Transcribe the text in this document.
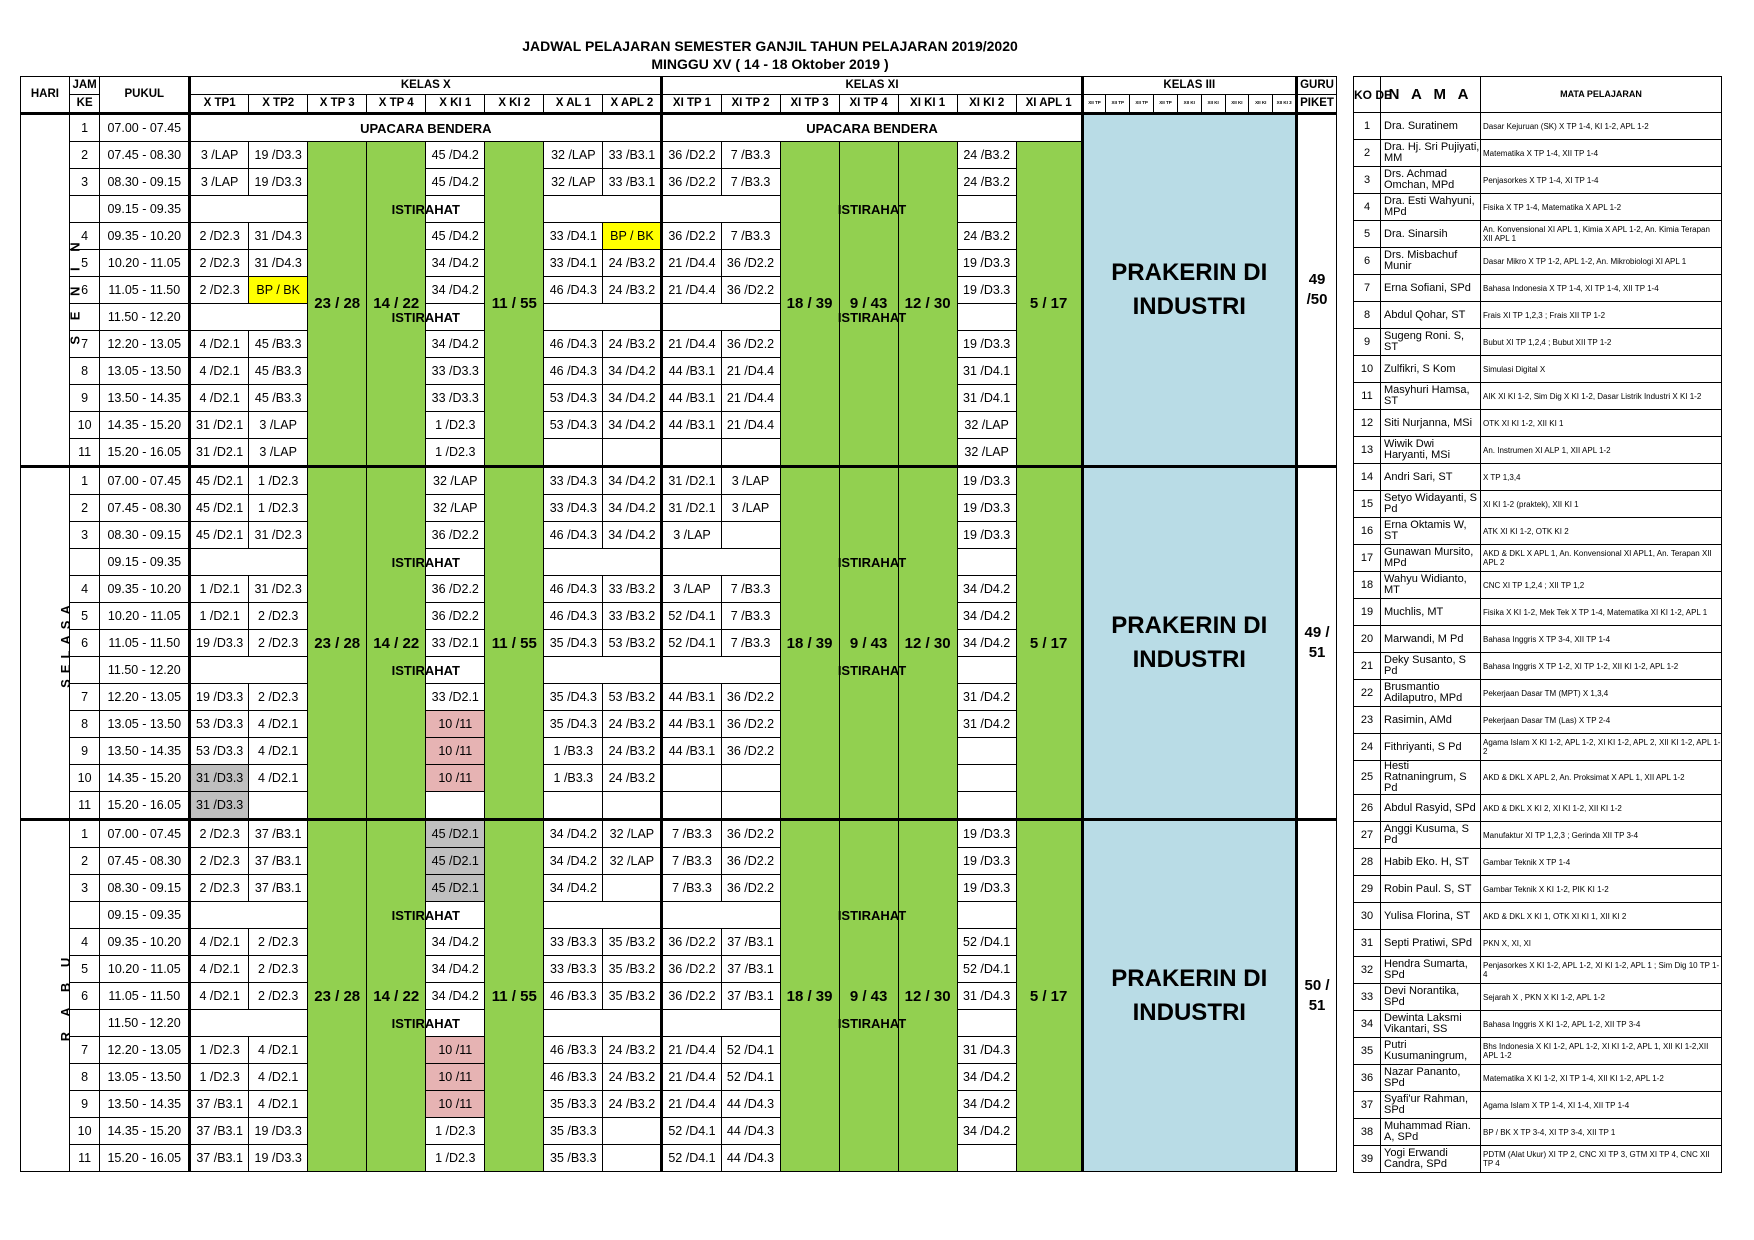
JADWAL PELAJARAN SEMESTER GANJIL TAHUN PELAJARAN 2019/2020
MINGGU XV ( 14 - 18 Oktober 2019 )
HARI	JAM	PUKUL	KELAS X								KELAS XI							KELAS III									GURU
	KE		X TP1	X TP2	X TP 3	X TP 4	X KI 1	X KI 2	X AL 1	X APL 2	XI TP 1	XI TP 2	XI TP 3	XI TP 4	XI KI 1	XI KI 2	XI APL 1	XII TP	XII TP	XII TP	XII TP	XII KI	XII KI	XII KI	XII KI	XII KI 3	PIKET
S E N I N	1	07.00 - 07.45	UPACARA BENDERA								UPACARA BENDERA							PRAKERIN DI INDUSTRI									49 /50
	2	07.45 - 08.30	3 /LAP	19 /D3.3	23 / 28	14 / 22	45 /D4.2	11 / 55	32 /LAP	33 /B3.1	36 /D2.2	7 /B3.3	18 / 39	9 / 43	12 / 30	24 /B3.2	5 / 17										
	3	08.30 - 09.15	3 /LAP	19 /D3.3			45 /D4.2		32 /LAP	33 /B3.1	36 /D2.2	7 /B3.3				24 /B3.2											
		09.15 - 09.35	ISTIRAHAT								ISTIRAHAT																
	4	09.35 - 10.20	2 /D2.3	31 /D4.3			45 /D4.2		33 /D4.1	BP / BK	36 /D2.2	7 /B3.3				24 /B3.2											
	5	10.20 - 11.05	2 /D2.3	31 /D4.3			34 /D4.2		33 /D4.1	24 /B3.2	21 /D4.4	36 /D2.2				19 /D3.3											
	6	11.05 - 11.50	2 /D2.3	BP / BK			34 /D4.2		46 /D4.3	24 /B3.2	21 /D4.4	36 /D2.2				19 /D3.3											
		11.50 - 12.20	ISTIRAHAT								ISTIRAHAT																
	7	12.20 - 13.05	4 /D2.1	45 /B3.3			34 /D4.2		46 /D4.3	24 /B3.2	21 /D4.4	36 /D2.2				19 /D3.3											
	8	13.05 - 13.50	4 /D2.1	45 /B3.3			33 /D3.3		46 /D4.3	34 /D4.2	44 /B3.1	21 /D4.4				31 /D4.1											
	9	13.50 - 14.35	4 /D2.1	45 /B3.3			33 /D3.3		53 /D4.3	34 /D4.2	44 /B3.1	21 /D4.4				31 /D4.1											
	10	14.35 - 15.20	31 /D2.1	3 /LAP			1 /D2.3		53 /D4.3	34 /D4.2	44 /B3.1	21 /D4.4				32 /LAP											
	11	15.20 - 16.05	31 /D2.1	3 /LAP			1 /D2.3									32 /LAP											
SELASA	1	07.00 - 07.45	45 /D2.1	1 /D2.3	23 / 28	14 / 22	32 /LAP	11 / 55	33 /D4.3	34 /D4.2	31 /D2.1	3 /LAP	18 / 39	9 / 43	12 / 30	19 /D3.3	5 / 17	PRAKERIN DI INDUSTRI									49 / 51
	2	07.45 - 08.30	45 /D2.1	1 /D2.3			32 /LAP		33 /D4.3	34 /D4.2	31 /D2.1	3 /LAP				19 /D3.3											
	3	08.30 - 09.15	45 /D2.1	31 /D2.3			36 /D2.2		46 /D4.3	34 /D4.2	3 /LAP					19 /D3.3											
		09.15 - 09.35	ISTIRAHAT								ISTIRAHAT																
	4	09.35 - 10.20	1 /D2.1	31 /D2.3			36 /D2.2		46 /D4.3	33 /B3.2	3 /LAP	7 /B3.3				34 /D4.2											
	5	10.20 - 11.05	1 /D2.1	2 /D2.3			36 /D2.2		46 /D4.3	33 /B3.2	52 /D4.1	7 /B3.3				34 /D4.2											
	6	11.05 - 11.50	19 /D3.3	2 /D2.3			33 /D2.1		35 /D4.3	53 /B3.2	52 /D4.1	7 /B3.3				34 /D4.2											
		11.50 - 12.20	ISTIRAHAT								ISTIRAHAT																
	7	12.20 - 13.05	19 /D3.3	2 /D2.3			33 /D2.1		35 /D4.3	53 /B3.2	44 /B3.1	36 /D2.2				31 /D4.2											
	8	13.05 - 13.50	53 /D3.3	4 /D2.1			10 /11		35 /D4.3	24 /B3.2	44 /B3.1	36 /D2.2				31 /D4.2											
	9	13.50 - 14.35	53 /D3.3	4 /D2.1			10 /11		1 /B3.3	24 /B3.2	44 /B3.1	36 /D2.2															
	10	14.35 - 15.20	31 /D3.3	4 /D2.1			10 /11		1 /B3.3	24 /B3.2																	
	11	15.20 - 16.05	31 /D3.3																								
R A B U	1	07.00 - 07.45	2 /D2.3	37 /B3.1	23 / 28	14 / 22	45 /D2.1	11 / 55	34 /D4.2	32 /LAP	7 /B3.3	36 /D2.2	18 / 39	9 / 43	12 / 30	19 /D3.3	5 / 17	PRAKERIN DI INDUSTRI									50 / 51
	2	07.45 - 08.30	2 /D2.3	37 /B3.1			45 /D2.1		34 /D4.2	32 /LAP	7 /B3.3	36 /D2.2				19 /D3.3											
	3	08.30 - 09.15	2 /D2.3	37 /B3.1			45 /D2.1		34 /D4.2		7 /B3.3	36 /D2.2				19 /D3.3											
		09.15 - 09.35	ISTIRAHAT								ISTIRAHAT																
	4	09.35 - 10.20	4 /D2.1	2 /D2.3			34 /D4.2		33 /B3.3	35 /B3.2	36 /D2.2	37 /B3.1				52 /D4.1											
	5	10.20 - 11.05	4 /D2.1	2 /D2.3			34 /D4.2		33 /B3.3	35 /B3.2	36 /D2.2	37 /B3.1				52 /D4.1											
	6	11.05 - 11.50	4 /D2.1	2 /D2.3			34 /D4.2		46 /B3.3	35 /B3.2	36 /D2.2	37 /B3.1				31 /D4.3											
		11.50 - 12.20	ISTIRAHAT								ISTIRAHAT																
	7	12.20 - 13.05	1 /D2.3	4 /D2.1			10 /11		46 /B3.3	24 /B3.2	21 /D4.4	52 /D4.1				31 /D4.3											
	8	13.05 - 13.50	1 /D2.3	4 /D2.1			10 /11		46 /B3.3	24 /B3.2	21 /D4.4	52 /D4.1				34 /D4.2											
	9	13.50 - 14.35	37 /B3.1	4 /D2.1			10 /11		35 /B3.3	24 /B3.2	21 /D4.4	44 /D4.3				34 /D4.2											
	10	14.35 - 15.20	37 /B3.1	19 /D3.3			1 /D2.3		35 /B3.3		52 /D4.1	44 /D4.3				34 /D4.2											
	11	15.20 - 16.05	37 /B3.1	19 /D3.3			1 /D2.3		35 /B3.3		52 /D4.1	44 /D4.3															
KO DE	N A M A	MATA PELAJARAN
1	Dra. Suratinem	Dasar Kejuruan (SK) X TP 1-4, KI 1-2, APL 1-2
2	Dra. Hj. Sri Pujiyati, MM	Matematika X TP 1-4, XII TP 1-4
3	Drs. Achmad Omchan, MPd	Penjasorkes X TP 1-4, XI TP 1-4
4	Dra. Esti Wahyuni, MPd	Fisika X TP 1-4, Matematika X APL 1-2
5	Dra. Sinarsih	An. Konvensional XI APL 1, Kimia X APL 1-2, An. Kimia Terapan XII APL 1
6	Drs. Misbachuf Munir	Dasar Mikro X TP 1-2, APL 1-2, An. Mikrobiologi XI APL 1
7	Erna Sofiani, SPd	Bahasa Indonesia X TP 1-4, XI TP 1-4, XII TP 1-4
8	Abdul Qohar, ST	Frais XI TP 1,2,3 ; Frais XII TP 1-2
9	Sugeng Roni. S, ST	Bubut XI TP 1,2,4 ; Bubut XII TP 1-2
10	Zulfikri, S Kom	Simulasi Digital X
11	Masyhuri Hamsa, ST	AIK XI KI 1-2, Sim Dig X KI 1-2, Dasar Listrik Industri X KI 1-2
12	Siti Nurjanna, MSi	OTK XI KI 1-2, XII KI 1
13	Wiwik Dwi Haryanti, MSi	An. Instrumen XI ALP 1, XII APL 1-2
14	Andri Sari, ST	X TP 1,3,4
15	Setyo Widayanti, S Pd	XI KI 1-2 (praktek), XII KI 1
16	Erna Oktamis W, ST	ATK XI KI 1-2, OTK KI 2
17	Gunawan Mursito, MPd	AKD & DKL X APL 1, An. Konvensional XI APL1, An. Terapan XII APL 2
18	Wahyu Widianto, MT	CNC XI TP 1,2,4 ; XII TP 1,2
19	Muchlis, MT	Fisika X KI 1-2, Mek Tek X TP 1-4, Matematika XI KI 1-2, APL 1
20	Marwandi, M Pd	Bahasa Inggris X TP 3-4, XII TP 1-4
21	Deky Susanto, S Pd	Bahasa Inggris X TP 1-2, XI TP 1-2, XII KI 1-2, APL 1-2
22	Brusmantio Adilaputro, MPd	Pekerjaan Dasar TM (MPT) X 1,3,4
23	Rasimin, AMd	Pekerjaan Dasar TM (Las) X TP 2-4
24	Fithriyanti, S Pd	Agama Islam X KI 1-2, APL 1-2, XI KI 1-2, APL 2, XII KI 1-2, APL 1-2
25	Hesti Ratnaningrum, S Pd	AKD & DKL X APL 2, An. Proksimat X APL 1, XII APL 1-2
26	Abdul Rasyid, SPd	AKD & DKL X KI 2, XI KI 1-2, XII KI 1-2
27	Anggi Kusuma, S Pd	Manufaktur XI TP 1,2,3 ; Gerinda XII TP 3-4
28	Habib Eko. H, ST	Gambar Teknik X TP 1-4
29	Robin Paul. S, ST	Gambar Teknik X KI 1-2, PIK KI 1-2
30	Yulisa Florina, ST	AKD & DKL X KI 1, OTK XI KI 1, XII KI 2
31	Septi Pratiwi, SPd	PKN X, XI, XI
32	Hendra Sumarta, SPd	Penjasorkes X KI 1-2, APL 1-2, XI KI 1-2, APL 1 ; Sim Dig 10 TP 1-4
33	Devi Norantika, SPd	Sejarah X , PKN X KI 1-2, APL 1-2
34	Dewinta Laksmi Vikantari, SS	Bahasa Inggris X KI 1-2, APL 1-2, XII TP 3-4
35	Putri Kusumaningrum,	Bhs Indonesia X KI 1-2, APL 1-2, XI KI 1-2, APL 1, XII KI 1-2,XII APL 1-2
36	Nazar Pananto, SPd	Matematika X KI 1-2, XI TP 1-4, XII KI 1-2, APL 1-2
37	Syafi'ur Rahman, SPd	Agama Islam X TP 1-4, XI 1-4, XII TP 1-4
38	Muhammad Rian. A, SPd	BP / BK X TP 3-4, XI TP 3-4, XII TP 1
39	Yogi Erwandi Candra, SPd	PDTM (Alat Ukur) XI TP 2, CNC XI TP 3, GTM XI TP 4, CNC XII TP 4
